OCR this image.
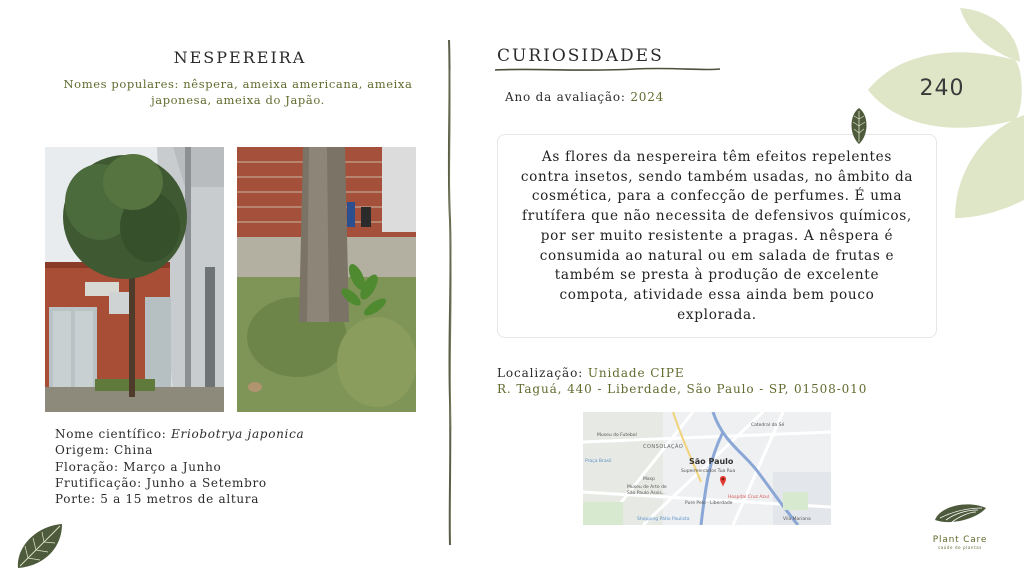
NESPEREIRA
Nomes populares: nêspera, ameixa americana, ameixa japonesa, ameixa do Japão.
Nome científico: Eriobotrya japonica
Origem: China
Floração: Março a Junho
Frutificação: Junho a Setembro
Porte: 5 a 15 metros de altura
CURIOSIDADES
Ano da avaliação: 2024

As flores da nespereira têm efeitos repelentes contra insetos, sendo também usadas, no âmbito da cosmética, para a confecção de perfumes. É uma frutífera que não necessita de defensivos químicos, por ser muito resistente a pragas. A nêspera é consumida ao natural ou em salada de frutas e também se presta à produção de excelente compota, atividade essa ainda bem pouco explorada.

Localização: Unidade CIPE
R. Taguá, 440 - Liberdade, São Paulo - SP, 01508-010
Museu do Futebol
CONSOLAÇÃO
São Paulo
Supermercados Tua Rua
Praça Brasil
Masp
Museu de Arte de
São Paulo Assis...
Pure Pelo · Liberdade
Hospital Cruz Azul
Catedral da Sé
Vila Mariana
Shopping Pátio Paulista
240
Plant Care
saúde de plantas
